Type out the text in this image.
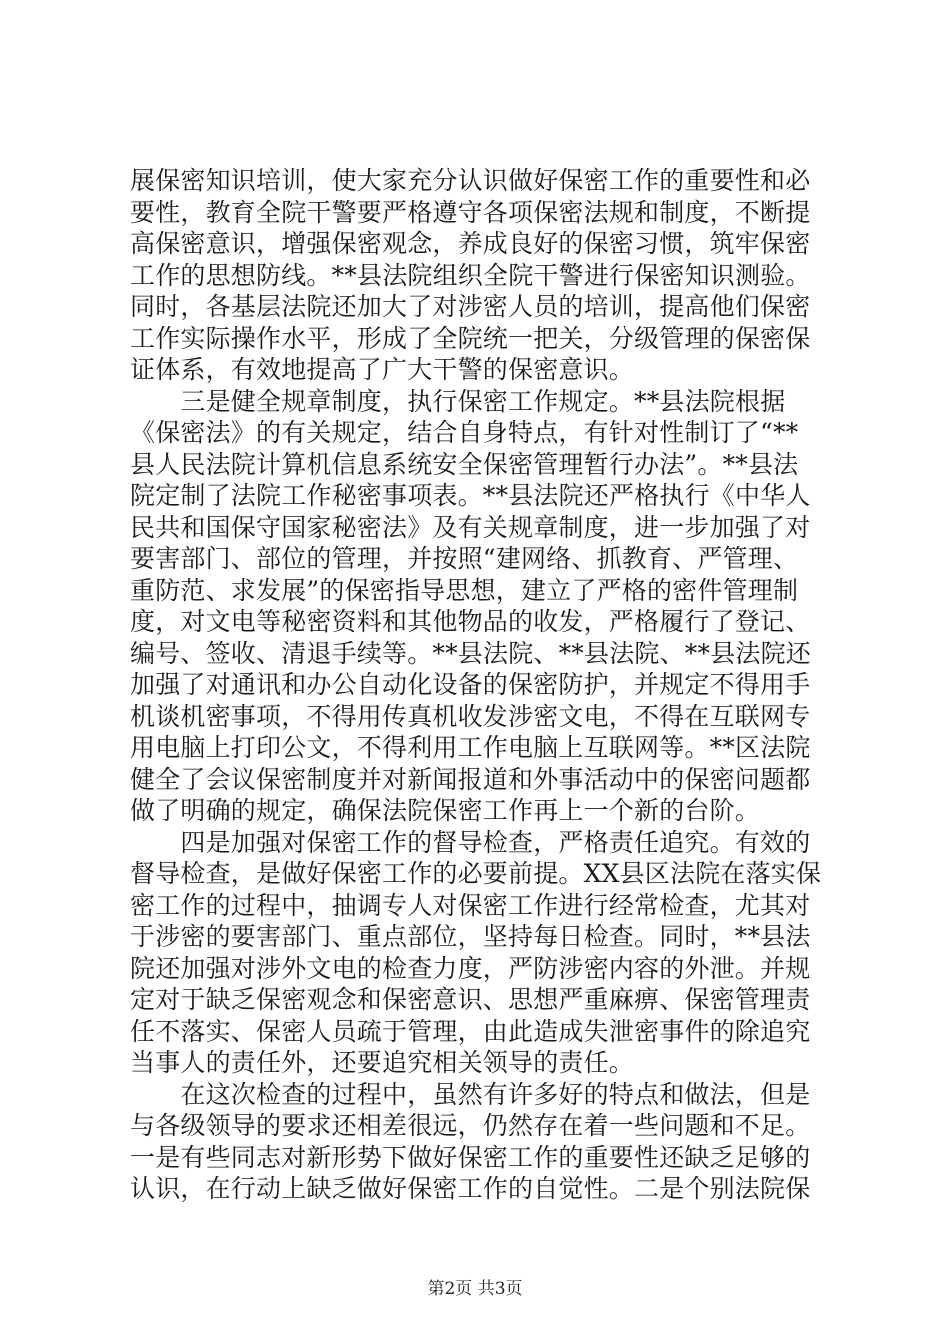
展保密知识培训，使大家充分认识做好保密工作的重要性和必
要性，教育全院干警要严格遵守各项保密法规和制度，不断提
高保密意识，增强保密观念，养成良好的保密习惯，筑牢保密
工作的思想防线。**县法院组织全院干警进行保密知识测验。
同时，各基层法院还加大了对涉密人员的培训，提高他们保密
工作实际操作水平，形成了全院统一把关，分级管理的保密保
证体系，有效地提高了广大干警的保密意识。
　　三是健全规章制度，执行保密工作规定。**县法院根据
《保密法》的有关规定，结合自身特点，有针对性制订了“**
县人民法院计算机信息系统安全保密管理暂行办法”。**县法
院定制了法院工作秘密事项表。**县法院还严格执行《中华人
民共和国保守国家秘密法》及有关规章制度，进一步加强了对
要害部门、部位的管理，并按照“建网络、抓教育、严管理、
重防范、求发展”的保密指导思想，建立了严格的密件管理制
度，对文电等秘密资料和其他物品的收发，严格履行了登记、
编号、签收、清退手续等。**县法院、**县法院、**县法院还
加强了对通讯和办公自动化设备的保密防护，并规定不得用手
机谈机密事项，不得用传真机收发涉密文电，不得在互联网专
用电脑上打印公文，不得利用工作电脑上互联网等。**区法院
健全了会议保密制度并对新闻报道和外事活动中的保密问题都
做了明确的规定，确保法院保密工作再上一个新的台阶。
　　四是加强对保密工作的督导检查，严格责任追究。有效的
督导检查，是做好保密工作的必要前提。XX县区法院在落实保
密工作的过程中，抽调专人对保密工作进行经常检查，尤其对
于涉密的要害部门、重点部位，坚持每日检查。同时，**县法
院还加强对涉外文电的检查力度，严防涉密内容的外泄。并规
定对于缺乏保密观念和保密意识、思想严重麻痹、保密管理责
任不落实、保密人员疏于管理，由此造成失泄密事件的除追究
当事人的责任外，还要追究相关领导的责任。
　　在这次检查的过程中，虽然有许多好的特点和做法，但是
与各级领导的要求还相差很远，仍然存在着一些问题和不足。
一是有些同志对新形势下做好保密工作的重要性还缺乏足够的
认识，在行动上缺乏做好保密工作的自觉性。二是个别法院保
第2页 共3页
